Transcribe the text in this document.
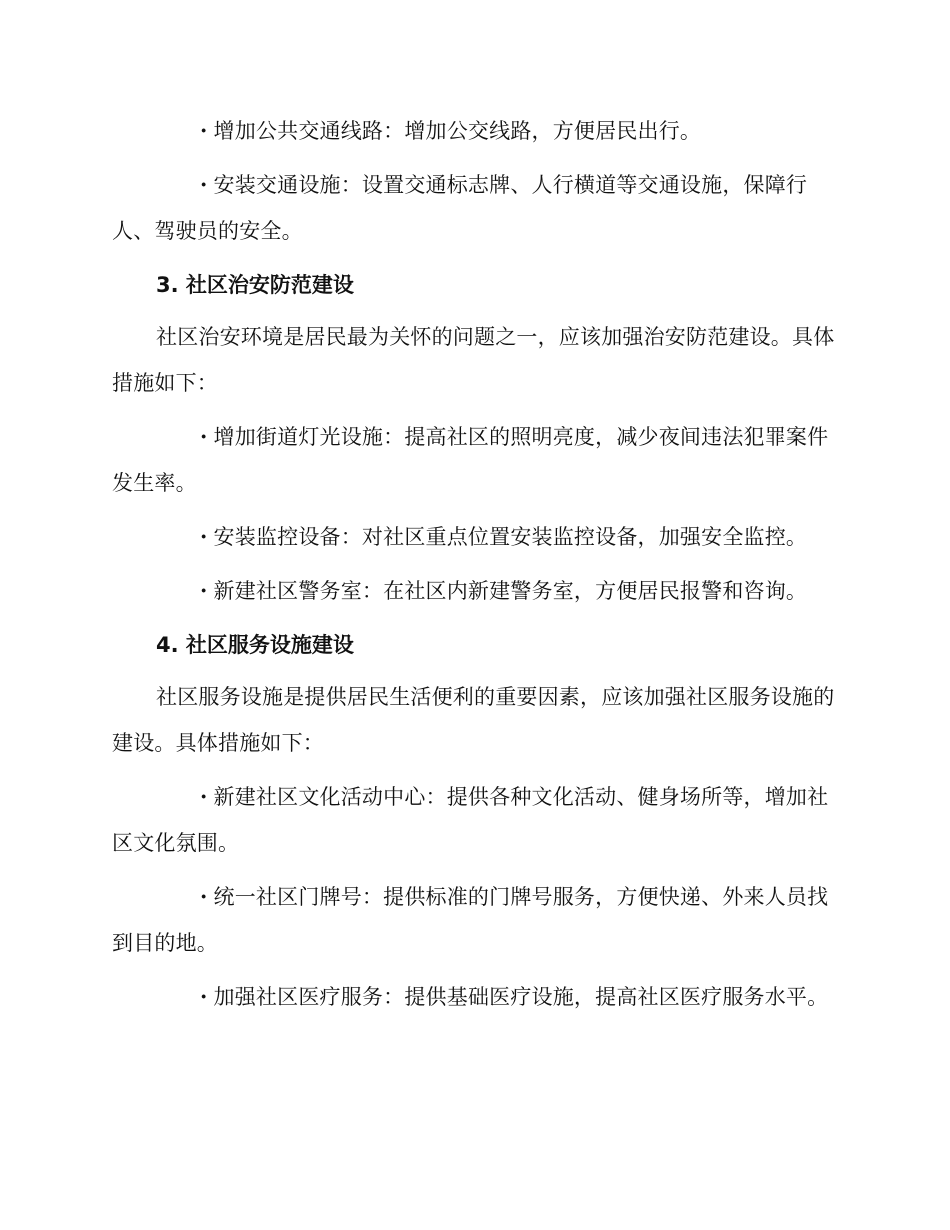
· 增加公共交通线路：增加公交线路，方便居民出行。

· 安装交通设施：设置交通标志牌、人行横道等交通设施，保障行人、驾驶员的安全。

3. 社区治安防范建设

社区治安环境是居民最为关怀的问题之一，应该加强治安防范建设。具体措施如下：

· 增加街道灯光设施：提高社区的照明亮度，减少夜间违法犯罪案件发生率。

· 安装监控设备：对社区重点位置安装监控设备，加强安全监控。

· 新建社区警务室：在社区内新建警务室，方便居民报警和咨询。

4. 社区服务设施建设

社区服务设施是提供居民生活便利的重要因素，应该加强社区服务设施的建设。具体措施如下：

· 新建社区文化活动中心：提供各种文化活动、健身场所等，增加社区文化氛围。

· 统一社区门牌号：提供标准的门牌号服务，方便快递、外来人员找到目的地。

· 加强社区医疗服务：提供基础医疗设施，提高社区医疗服务水平。
